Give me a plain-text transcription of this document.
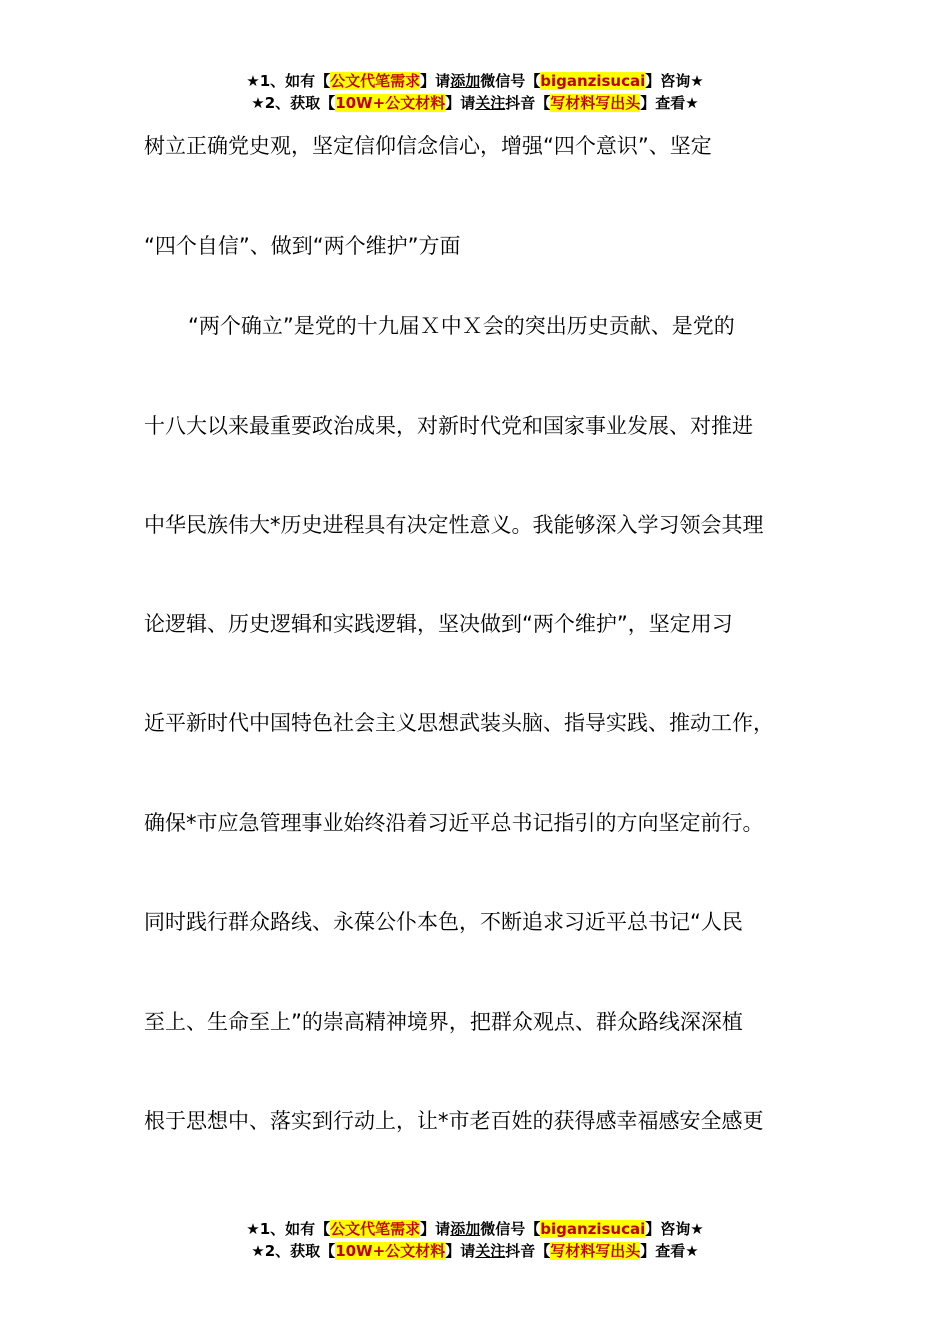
★1、如有【公文代笔需求】请添加微信号【biganzisucai】咨询★
★2、获取【10W+公文材料】请关注抖音【写材料写出头】查看★
树立正确党史观，坚定信仰信念信心，增强“四个意识”、坚定
“四个自信”、做到“两个维护”方面
“两个确立”是党的十九届Ｘ中Ｘ会的突出历史贡献、是党的
十八大以来最重要政治成果，对新时代党和国家事业发展、对推进
中华民族伟大*历史进程具有决定性意义。我能够深入学习领会其理
论逻辑、历史逻辑和实践逻辑，坚决做到“两个维护”，坚定用习
近平新时代中国特色社会主义思想武装头脑、指导实践、推动工作，
确保*市应急管理事业始终沿着习近平总书记指引的方向坚定前行。
同时践行群众路线、永葆公仆本色，不断追求习近平总书记“人民
至上、生命至上”的崇高精神境界，把群众观点、群众路线深深植
根于思想中、落实到行动上，让*市老百姓的获得感幸福感安全感更
★1、如有【公文代笔需求】请添加微信号【biganzisucai】咨询★
★2、获取【10W+公文材料】请关注抖音【写材料写出头】查看★
